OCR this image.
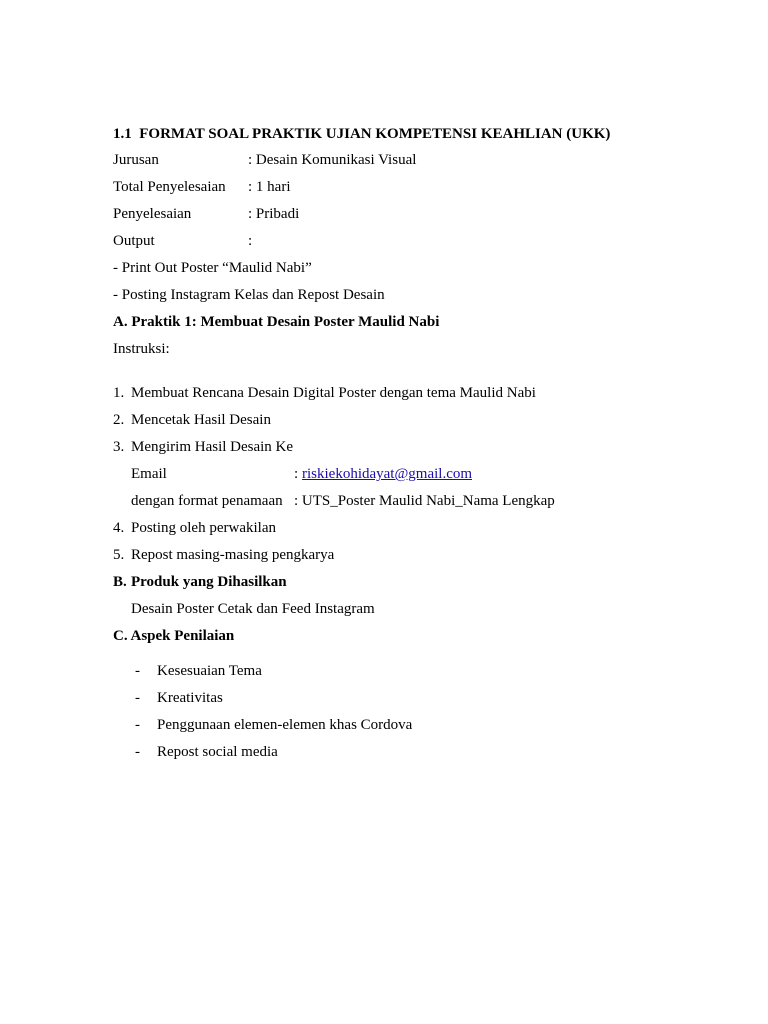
1.1 FORMAT SOAL PRAKTIK UJIAN KOMPETENSI KEAHLIAN (UKK)
Jurusan	: Desain Komunikasi Visual
Total Penyelesaian : 1 hari
Penyelesaian	: Pribadi
Output	:
- Print Out Poster “Maulid Nabi”
- Posting Instagram Kelas dan Repost Desain
A. Praktik 1: Membuat Desain Poster Maulid Nabi
Instruksi:
1. Membuat Rencana Desain Digital Poster dengan tema Maulid Nabi
2. Mencetak Hasil Desain
3. Mengirim Hasil Desain Ke
Email	: riskiekohidayat@gmail.com
dengan format penamaan : UTS_Poster Maulid Nabi_Nama Lengkap
4. Posting oleh perwakilan
5. Repost masing-masing pengkarya
B. Produk yang Dihasilkan
Desain Poster Cetak dan Feed Instagram
C. Aspek Penilaian
- Kesesuaian Tema
- Kreativitas
- Penggunaan elemen-elemen khas Cordova
- Repost social media
